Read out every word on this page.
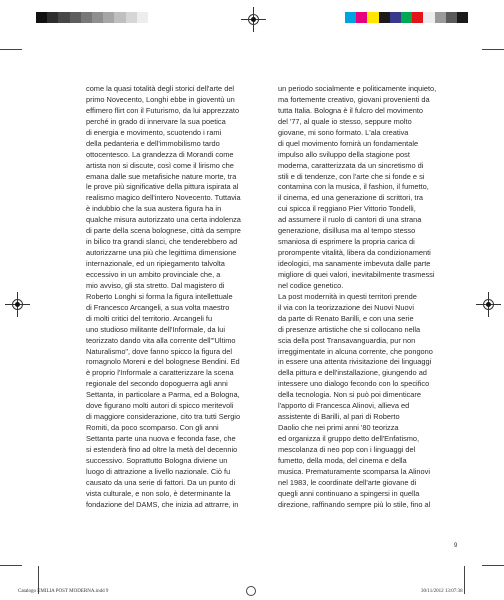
come la quasi totalità degli storici dell'arte del
primo Novecento, Longhi ebbe in gioventù un
effimero flirt con il Futurismo, da lui apprezzato
perché in grado di innervare la sua poetica
di energia e movimento, scuotendo i rami
della pedanteria e dell'immobilismo tardo
ottocentesco. La grandezza di Morandi come
artista non si discute, così come il lirismo che
emana dalle sue metafisiche nature morte, tra
le prove più significative della pittura ispirata al
realismo magico dell'intero Novecento. Tuttavia
è indubbio che la sua austera figura ha in
qualche misura autorizzato una certa indolenza
di parte della scena bolognese, città da sempre
in bilico tra grandi slanci, che tenderebbero ad
autorizzarne una più che legittima dimensione
internazionale, ed un ripiegamento talvolta
eccessivo in un ambito provinciale che, a
mio avviso, gli sta stretto. Dal magistero di
Roberto Longhi si forma la figura intellettuale
di Francesco Arcangeli, a sua volta maestro
di molti critici del territorio. Arcangeli fu
uno studioso militante dell'Informale, da lui
teorizzato dando vita alla corrente dell'"Ultimo
Naturalismo", dove fanno spicco la figura del
romagnolo Moreni e del bolognese Bendini. Ed
è proprio l'Informale a caratterizzare la scena
regionale del secondo dopoguerra agli anni
Settanta, in particolare a Parma, ed a Bologna,
dove figurano molti autori di spicco meritevoli
di maggiore considerazione, cito tra tutti Sergio
Romiti, da poco scomparso. Con gli anni
Settanta parte una nuova e feconda fase, che
si estenderà fino ad oltre la metà del decennio
successivo. Soprattutto Bologna diviene un
luogo di attrazione a livello nazionale. Ciò fu
causato da una serie di fattori. Da un punto di
vista culturale, e non solo, è determinante la
fondazione del DAMS, che inizia ad attrarre, in
un periodo socialmente e politicamente inquieto,
ma fortemente creativo, giovani provenienti da
tutta Italia. Bologna è il fulcro del movimento
del '77, al quale io stesso, seppure molto
giovane, mi sono formato. L'ala creativa
di quel movimento fornirà un fondamentale
impulso allo sviluppo della stagione post
moderna, caratterizzata da un sincretismo di
stili e di tendenze, con l'arte che si fonde e si
contamina con la musica, il fashion, il fumetto,
il cinema, ed una generazione di scrittori, tra
cui spicca il reggiano Pier Vittorio Tondelli,
ad assumere il ruolo di cantori di una strana
generazione, disillusa ma al tempo stesso
smaniosa di esprimere la propria carica di
prorompente vitalità, libera da condizionamenti
ideologici, ma sanamente imbevuta dalle parte
migliore di quei valori, inevitabilmente trasmessi
nel codice genetico.
La post modernità in questi territori prende
il via con la teorizzazione dei Nuovi Nuovi
da parte di Renato Barilli, e con una serie
di presenze artistiche che si collocano nella
scia della post Transavanguardia, pur non
irreggimentate in alcuna corrente, che pongono
in essere una attenta rivisitazione dei linguaggi
della pittura e dell'installazione, giungendo ad
intessere uno dialogo fecondo con lo specifico
della tecnologia. Non si può poi dimenticare
l'apporto di Francesca Alinovi, allieva ed
assistente di Barilli, al pari di Roberto
Daolio che nei primi anni '80 teorizza
ed organizza il gruppo detto dell'Enfatismo,
mescolanza di neo pop con i linguaggi del
fumetto, della moda, del cinema e della
musica. Prematuramente scomparsa la Alinovi
nel 1983, le coordinate dell'arte giovane di
quegli anni continuano a spingersi in quella
direzione, raffinando sempre più lo stile, fino al
9
Catalogo EMILIA POST MODERNA.indd 9	30/11/2012 13:07:38
